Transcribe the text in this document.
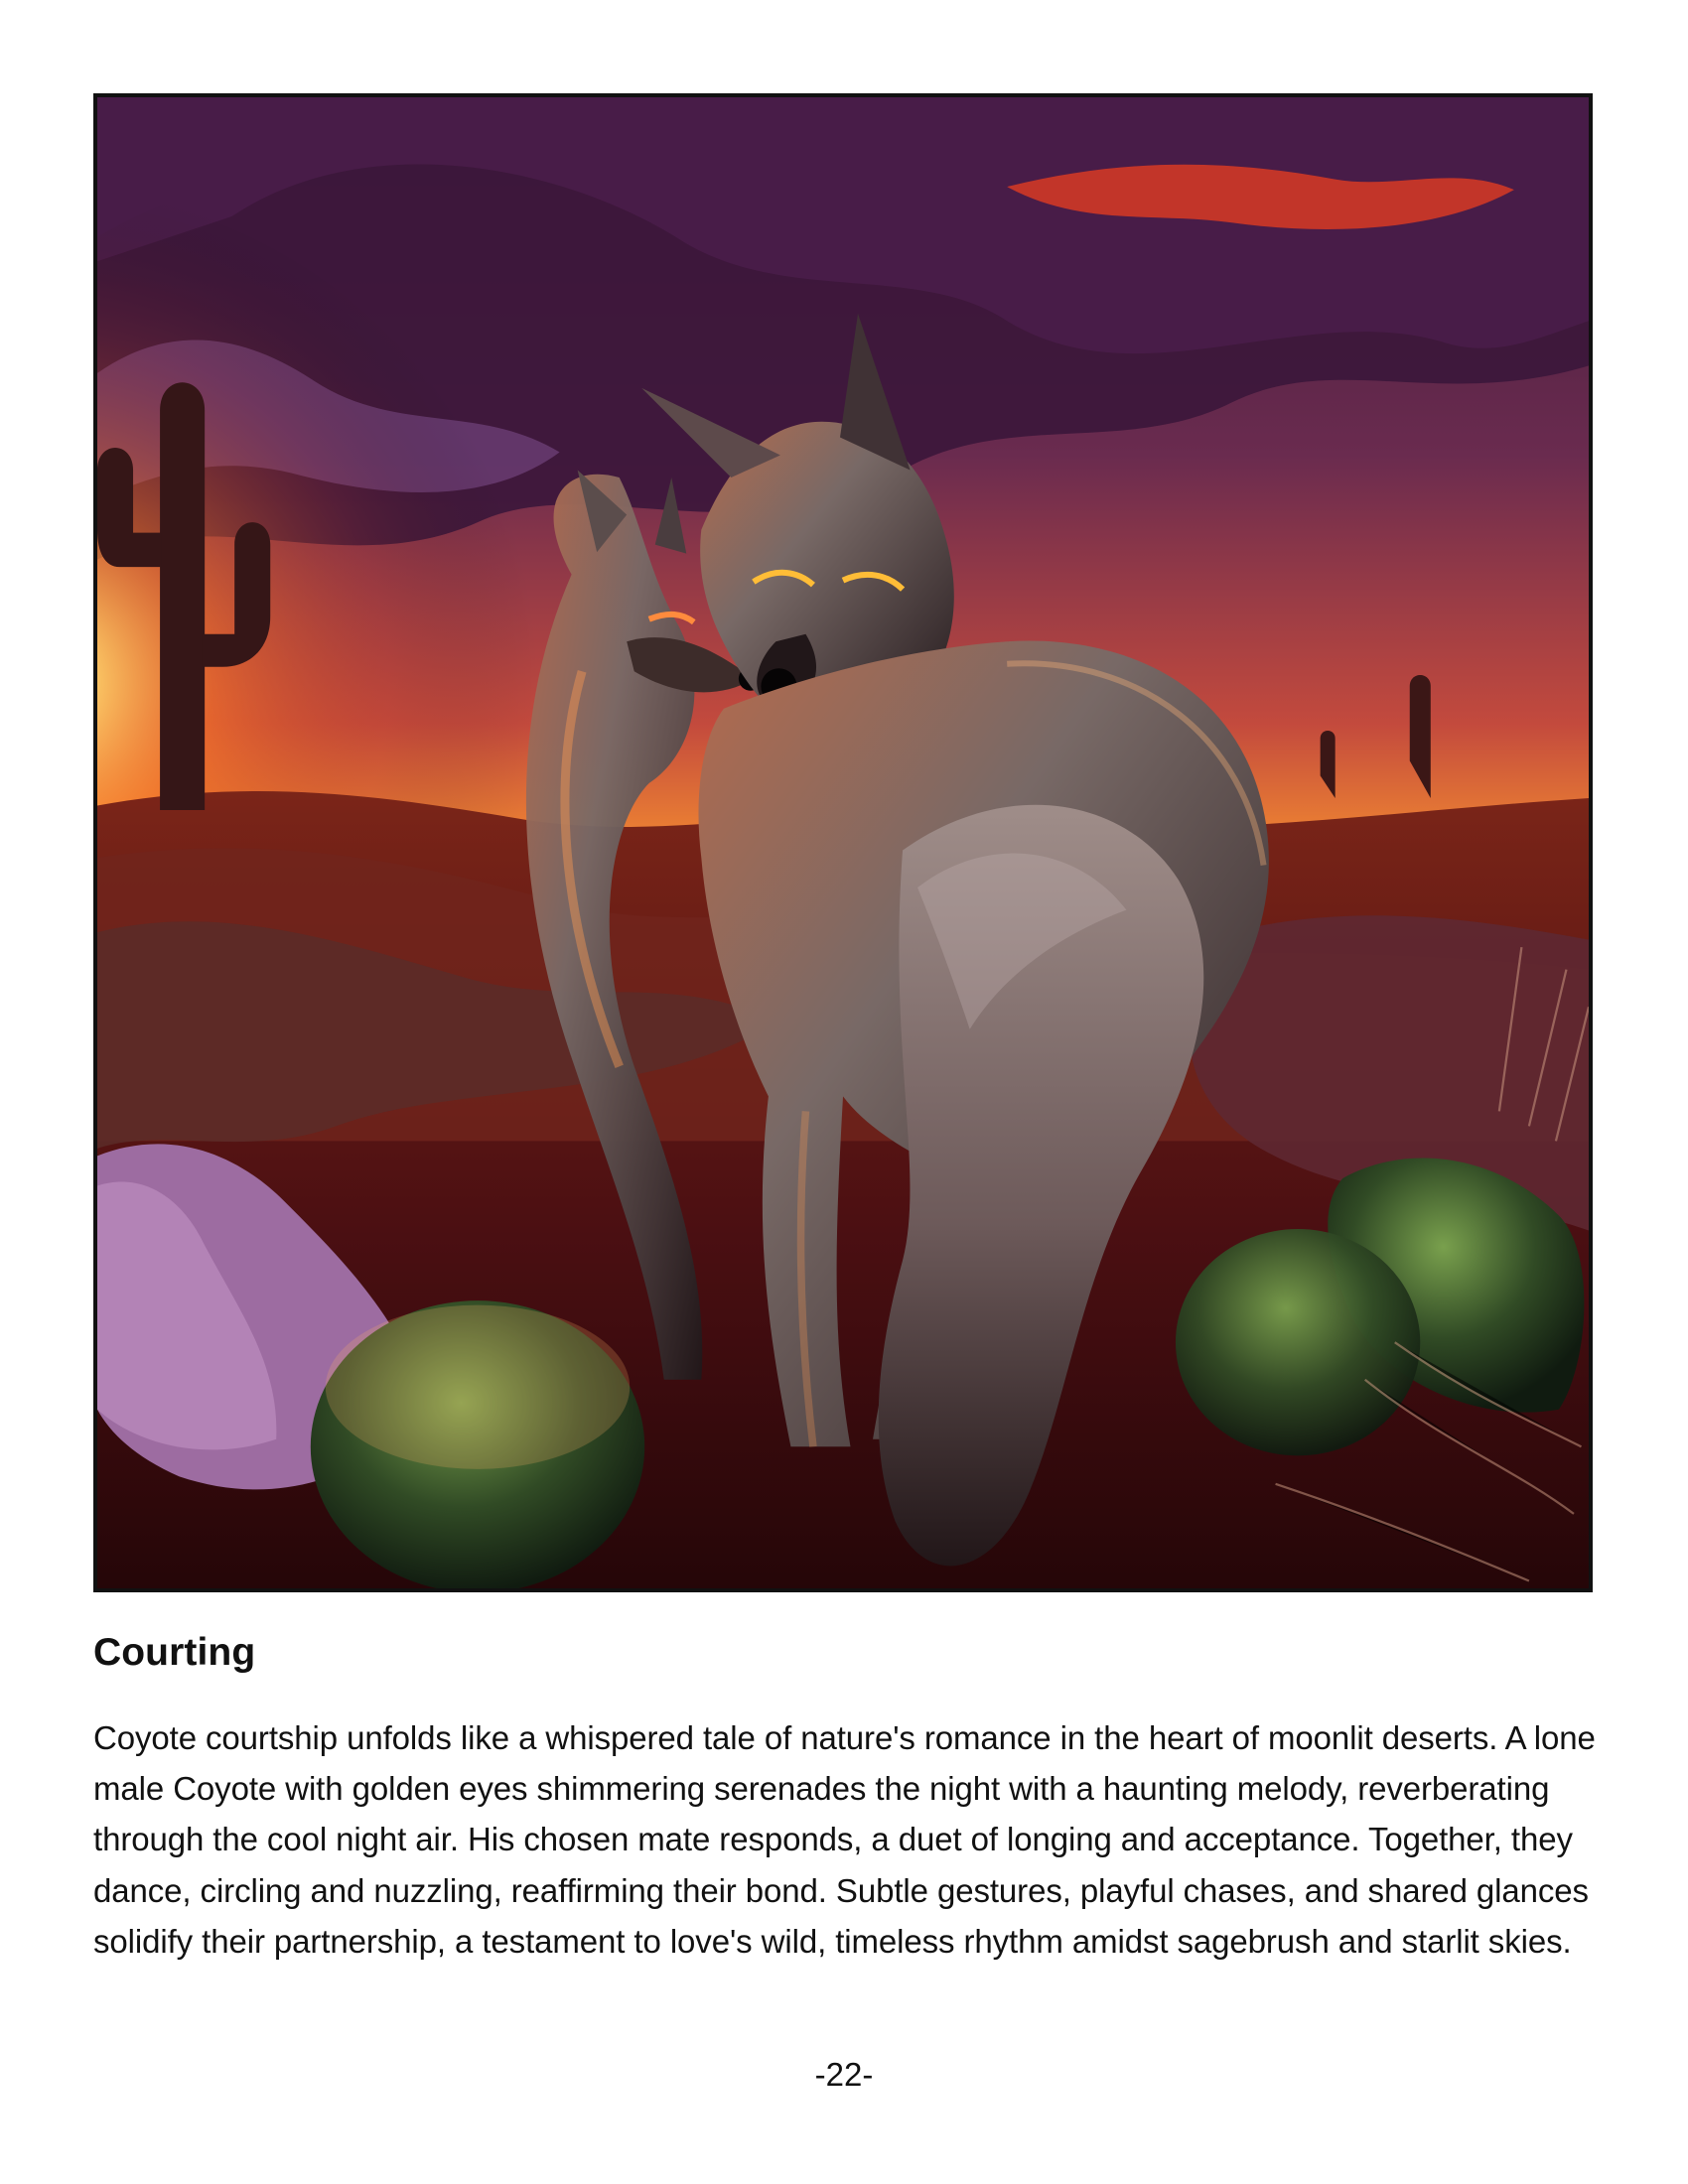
Courting

Coyote courtship unfolds like a whispered tale of nature's romance in the heart of moonlit deserts. A lone male Coyote with golden eyes shimmering serenades the night with a haunting melody, reverberating through the cool night air. His chosen mate responds, a duet of longing and acceptance. Together, they dance, circling and nuzzling, reaffirming their bond. Subtle gestures, playful chases, and shared glances solidify their partnership, a testament to love's wild, timeless rhythm amidst sagebrush and starlit skies.

-22-
